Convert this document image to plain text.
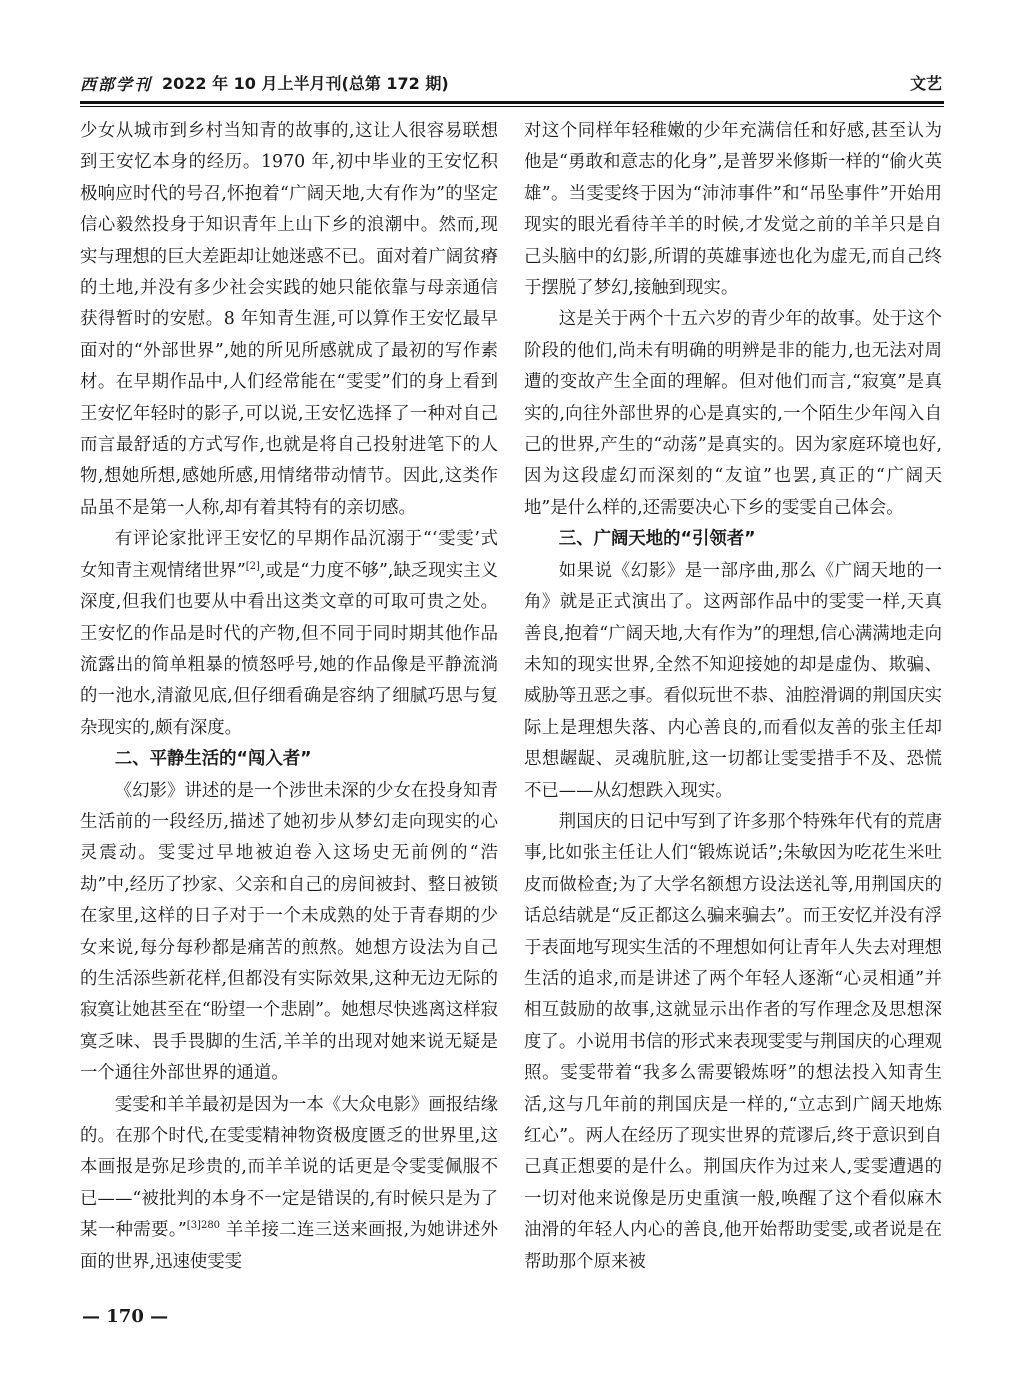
西部学刊 2022 年 10 月上半月刊(总第 172 期)	文艺

少女从城市到乡村当知青的故事的,这让人很容易联想到王安忆本身的经历。1970 年,初中毕业的王安忆积极响应时代的号召,怀抱着“广阔天地,大有作为”的坚定信心毅然投身于知识青年上山下乡的浪潮中。然而,现实与理想的巨大差距却让她迷惑不已。面对着广阔贫瘠的土地,并没有多少社会实践的她只能依靠与母亲通信获得暂时的安慰。8 年知青生涯,可以算作王安忆最早面对的“外部世界”,她的所见所感就成了最初的写作素材。在早期作品中,人们经常能在“雯雯”们的身上看到王安忆年轻时的影子,可以说,王安忆选择了一种对自己而言最舒适的方式写作,也就是将自己投射进笔下的人物,想她所想,感她所感,用情绪带动情节。因此,这类作品虽不是第一人称,却有着其特有的亲切感。

有评论家批评王安忆的早期作品沉溺于“‘雯雯’式女知青主观情绪世界”[2],或是“力度不够”,缺乏现实主义深度,但我们也要从中看出这类文章的可取可贵之处。王安忆的作品是时代的产物,但不同于同时期其他作品流露出的简单粗暴的愤怒呼号,她的作品像是平静流淌的一池水,清澈见底,但仔细看确是容纳了细腻巧思与复杂现实的,颇有深度。

二、平静生活的“闯入者”

《幻影》讲述的是一个涉世未深的少女在投身知青生活前的一段经历,描述了她初步从梦幻走向现实的心灵震动。雯雯过早地被迫卷入这场史无前例的“浩劫”中,经历了抄家、父亲和自己的房间被封、整日被锁在家里,这样的日子对于一个未成熟的处于青春期的少女来说,每分每秒都是痛苦的煎熬。她想方设法为自己的生活添些新花样,但都没有实际效果,这种无边无际的寂寞让她甚至在“盼望一个悲剧”。她想尽快逃离这样寂寞乏味、畏手畏脚的生活,羊羊的出现对她来说无疑是一个通往外部世界的通道。

雯雯和羊羊最初是因为一本《大众电影》画报结缘的。在那个时代,在雯雯精神物资极度匮乏的世界里,这本画报是弥足珍贵的,而羊羊说的话更是令雯雯佩服不已——“被批判的本身不一定是错误的,有时候只是为了某一种需要。”$^{[3]280}$ 羊羊接二连三送来画报,为她讲述外面的世界,迅速使雯雯

对这个同样年轻稚嫩的少年充满信任和好感,甚至认为他是“勇敢和意志的化身”,是普罗米修斯一样的“偷火英雄”。当雯雯终于因为“沛沛事件”和“吊坠事件”开始用现实的眼光看待羊羊的时候,才发觉之前的羊羊只是自己头脑中的幻影,所谓的英雄事迹也化为虚无,而自己终于摆脱了梦幻,接触到现实。

这是关于两个十五六岁的青少年的故事。处于这个阶段的他们,尚未有明确的明辨是非的能力,也无法对周遭的变故产生全面的理解。但对他们而言,“寂寞”是真实的,向往外部世界的心是真实的,一个陌生少年闯入自己的世界,产生的“动荡”是真实的。因为家庭环境也好,因为这段虚幻而深刻的“友谊”也罢,真正的“广阔天地”是什么样的,还需要决心下乡的雯雯自己体会。

三、广阔天地的“引领者”

如果说《幻影》是一部序曲,那么《广阔天地的一角》就是正式演出了。这两部作品中的雯雯一样,天真善良,抱着“广阔天地,大有作为”的理想,信心满满地走向未知的现实世界,全然不知迎接她的却是虚伪、欺骗、威胁等丑恶之事。看似玩世不恭、油腔滑调的荆国庆实际上是理想失落、内心善良的,而看似友善的张主任却思想龌龊、灵魂肮脏,这一切都让雯雯措手不及、恐慌不已——从幻想跌入现实。

荆国庆的日记中写到了许多那个特殊年代有的荒唐事,比如张主任让人们“锻炼说话”;朱敏因为吃花生米吐皮而做检查;为了大学名额想方设法送礼等,用荆国庆的话总结就是“反正都这么骗来骗去”。而王安忆并没有浮于表面地写现实生活的不理想如何让青年人失去对理想生活的追求,而是讲述了两个年轻人逐渐“心灵相通”并相互鼓励的故事,这就显示出作者的写作理念及思想深度了。小说用书信的形式来表现雯雯与荆国庆的心理观照。雯雯带着“我多么需要锻炼呀”的想法投入知青生活,这与几年前的荆国庆是一样的,“立志到广阔天地炼红心”。两人在经历了现实世界的荒谬后,终于意识到自己真正想要的是什么。荆国庆作为过来人,雯雯遭遇的一切对他来说像是历史重演一般,唤醒了这个看似麻木油滑的年轻人内心的善良,他开始帮助雯雯,或者说是在帮助那个原来被

— 170 —
